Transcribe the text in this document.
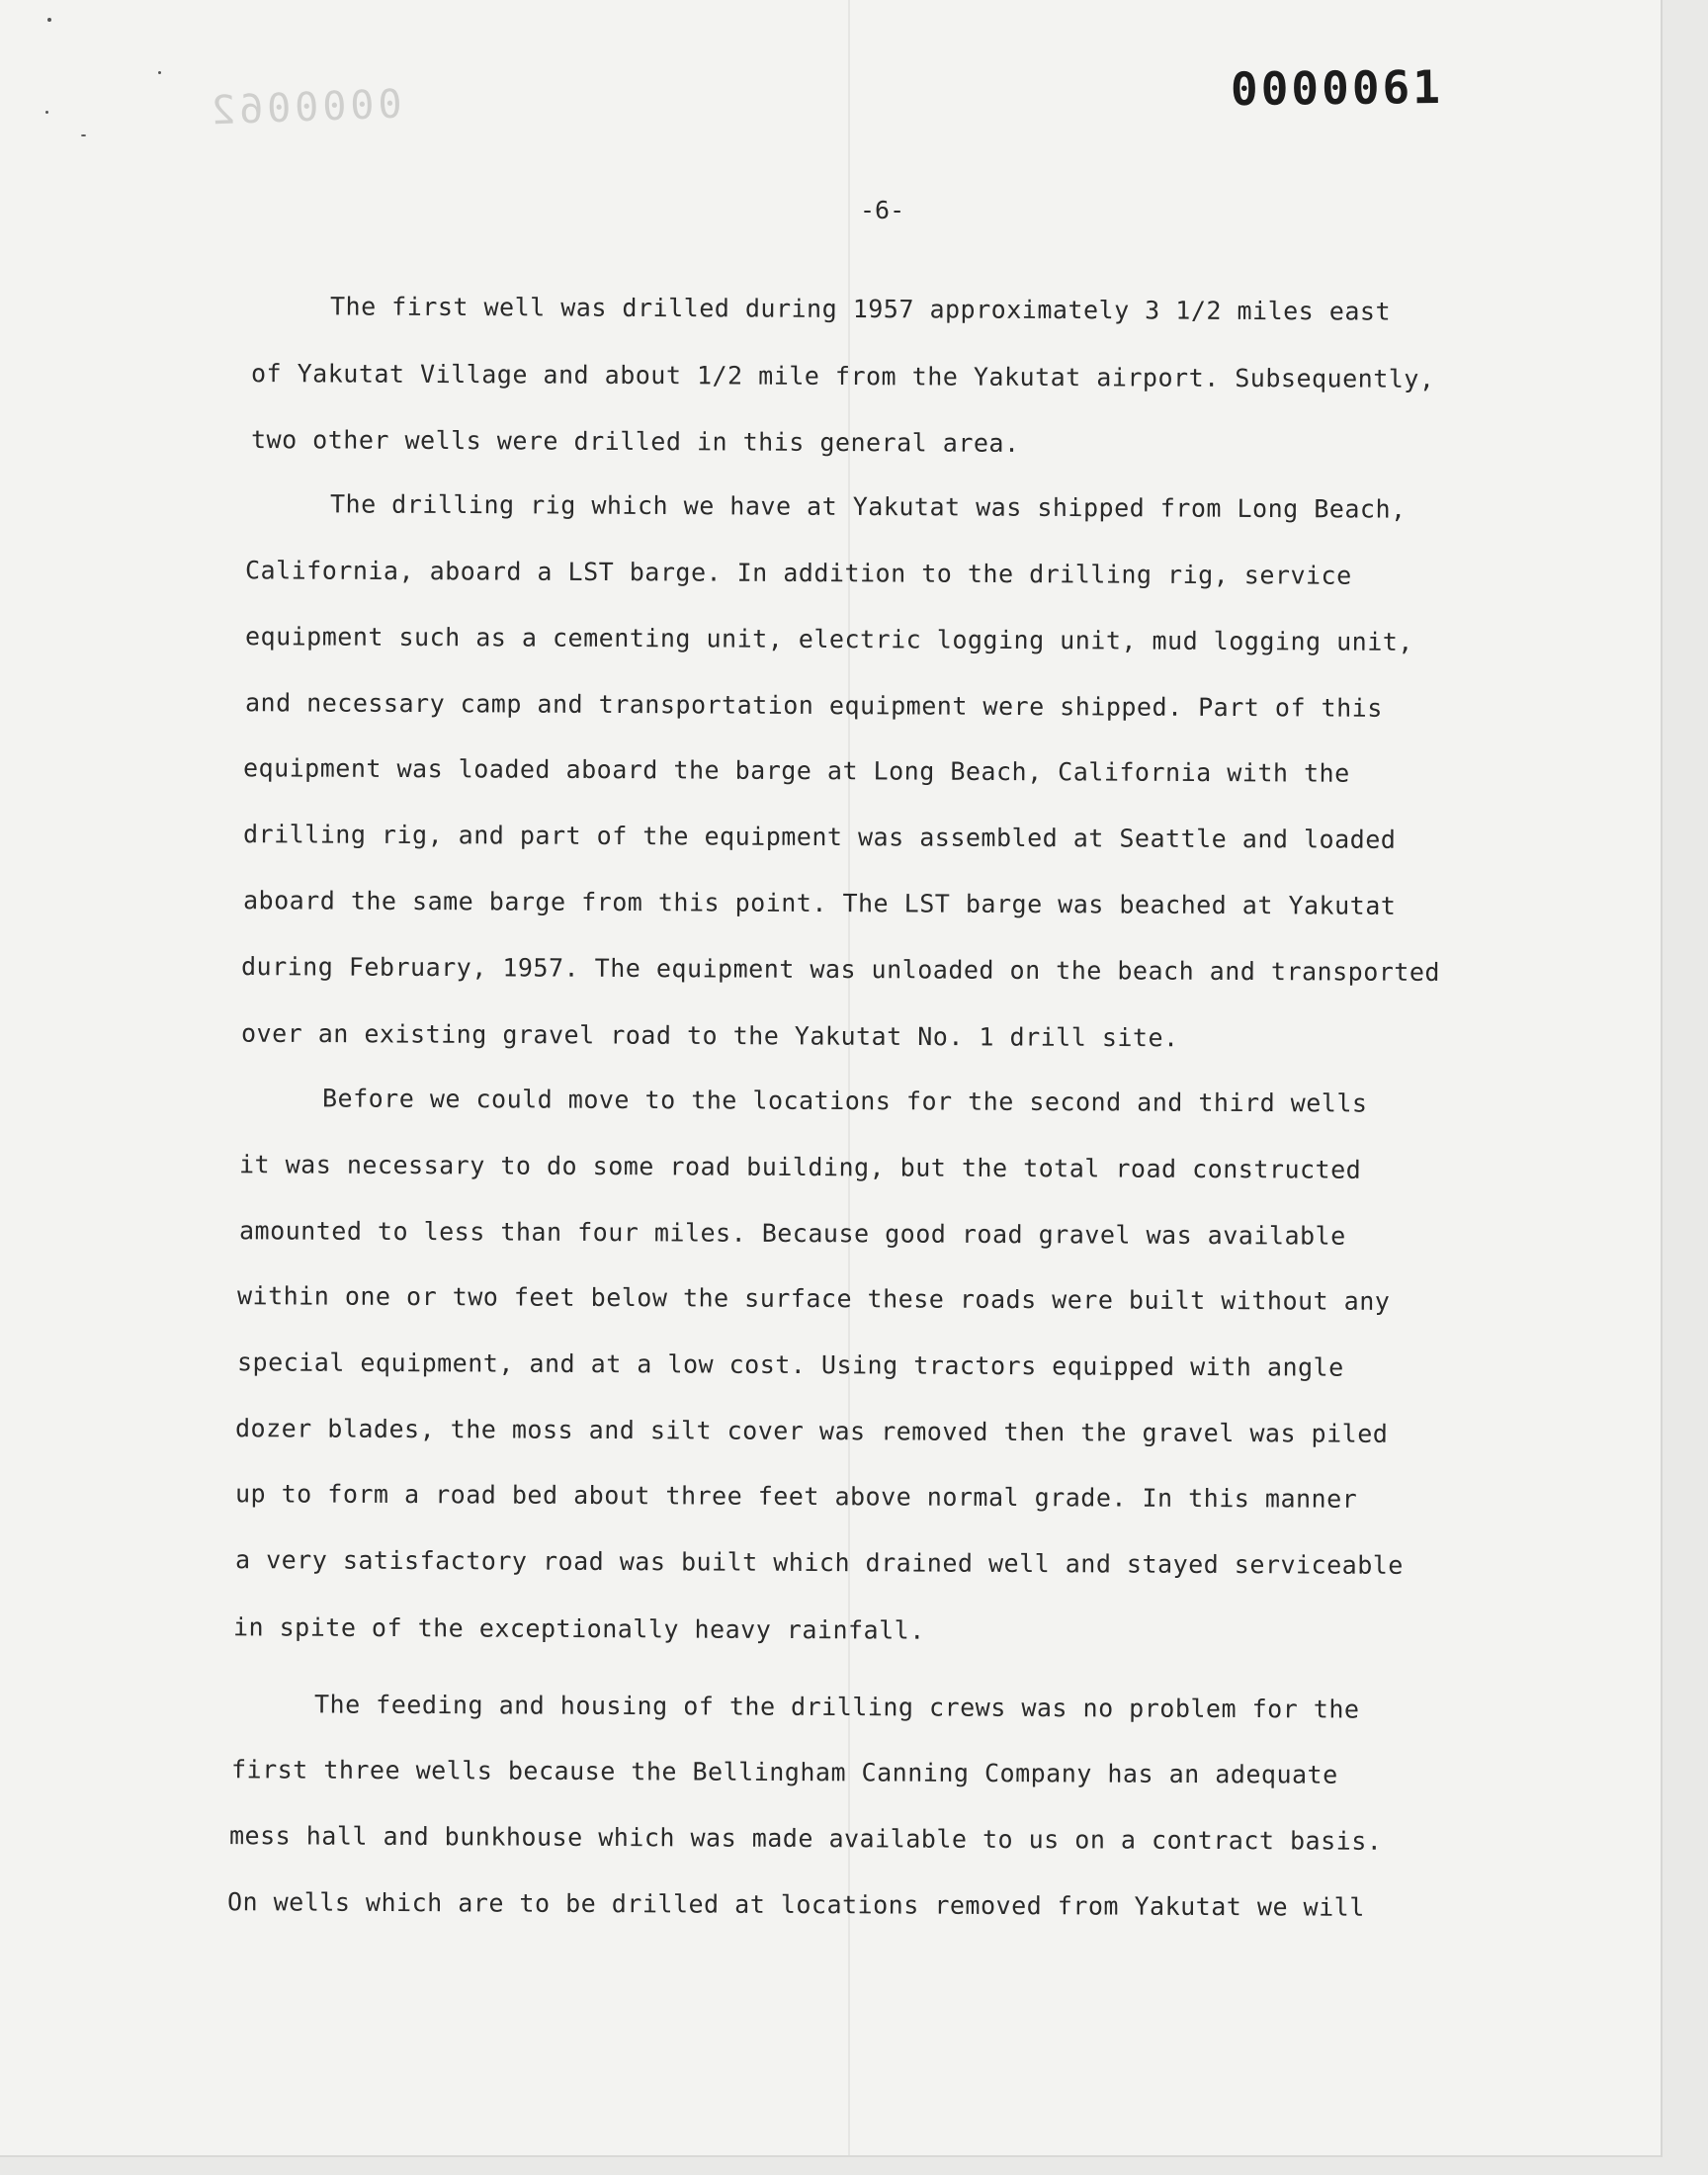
0000062	0000061
-6-
The first well was drilled during 1957 approximately 3 1/2 miles east
of Yakutat Village and about 1/2 mile from the Yakutat airport. Subsequently,
two other wells were drilled in this general area.
The drilling rig which we have at Yakutat was shipped from Long Beach,
California, aboard a LST barge. In addition to the drilling rig, service
equipment such as a cementing unit, electric logging unit, mud logging unit,
and necessary camp and transportation equipment were shipped. Part of this
equipment was loaded aboard the barge at Long Beach, California with the
drilling rig, and part of the equipment was assembled at Seattle and loaded
aboard the same barge from this point. The LST barge was beached at Yakutat
during February, 1957. The equipment was unloaded on the beach and transported
over an existing gravel road to the Yakutat No. 1 drill site.
Before we could move to the locations for the second and third wells
it was necessary to do some road building, but the total road constructed
amounted to less than four miles. Because good road gravel was available
within one or two feet below the surface these roads were built without any
special equipment, and at a low cost. Using tractors equipped with angle
dozer blades, the moss and silt cover was removed then the gravel was piled
up to form a road bed about three feet above normal grade. In this manner
a very satisfactory road was built which drained well and stayed serviceable
in spite of the exceptionally heavy rainfall.
The feeding and housing of the drilling crews was no problem for the
first three wells because the Bellingham Canning Company has an adequate
mess hall and bunkhouse which was made available to us on a contract basis.
On wells which are to be drilled at locations removed from Yakutat we will
